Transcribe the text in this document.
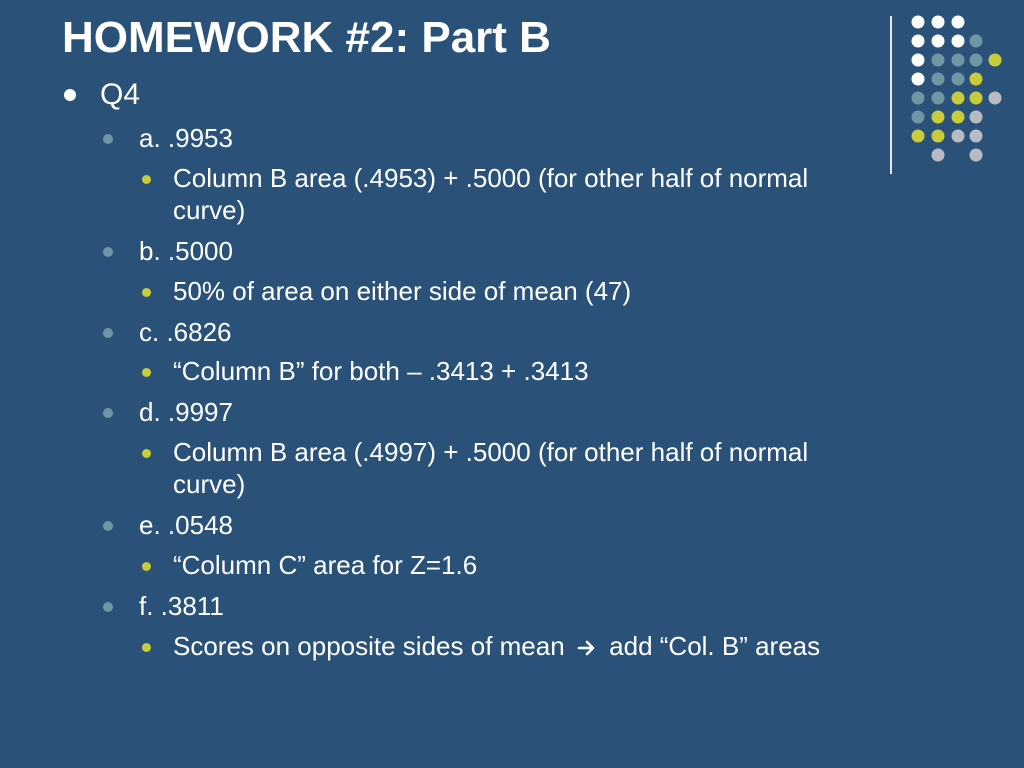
HOMEWORK #2: Part B
Q4
a. .9953
Column B area (.4953) + .5000 (for other half of normal
curve)
b. .5000
50% of area on either side of mean (47)
c. .6826
“Column B” for both – .3413 + .3413
d. .9997
Column B area (.4997) + .5000 (for other half of normal
curve)
e. .0548
“Column C” area for Z=1.6
f. .3811
Scores on opposite sides of mean add “Col. B” areas
